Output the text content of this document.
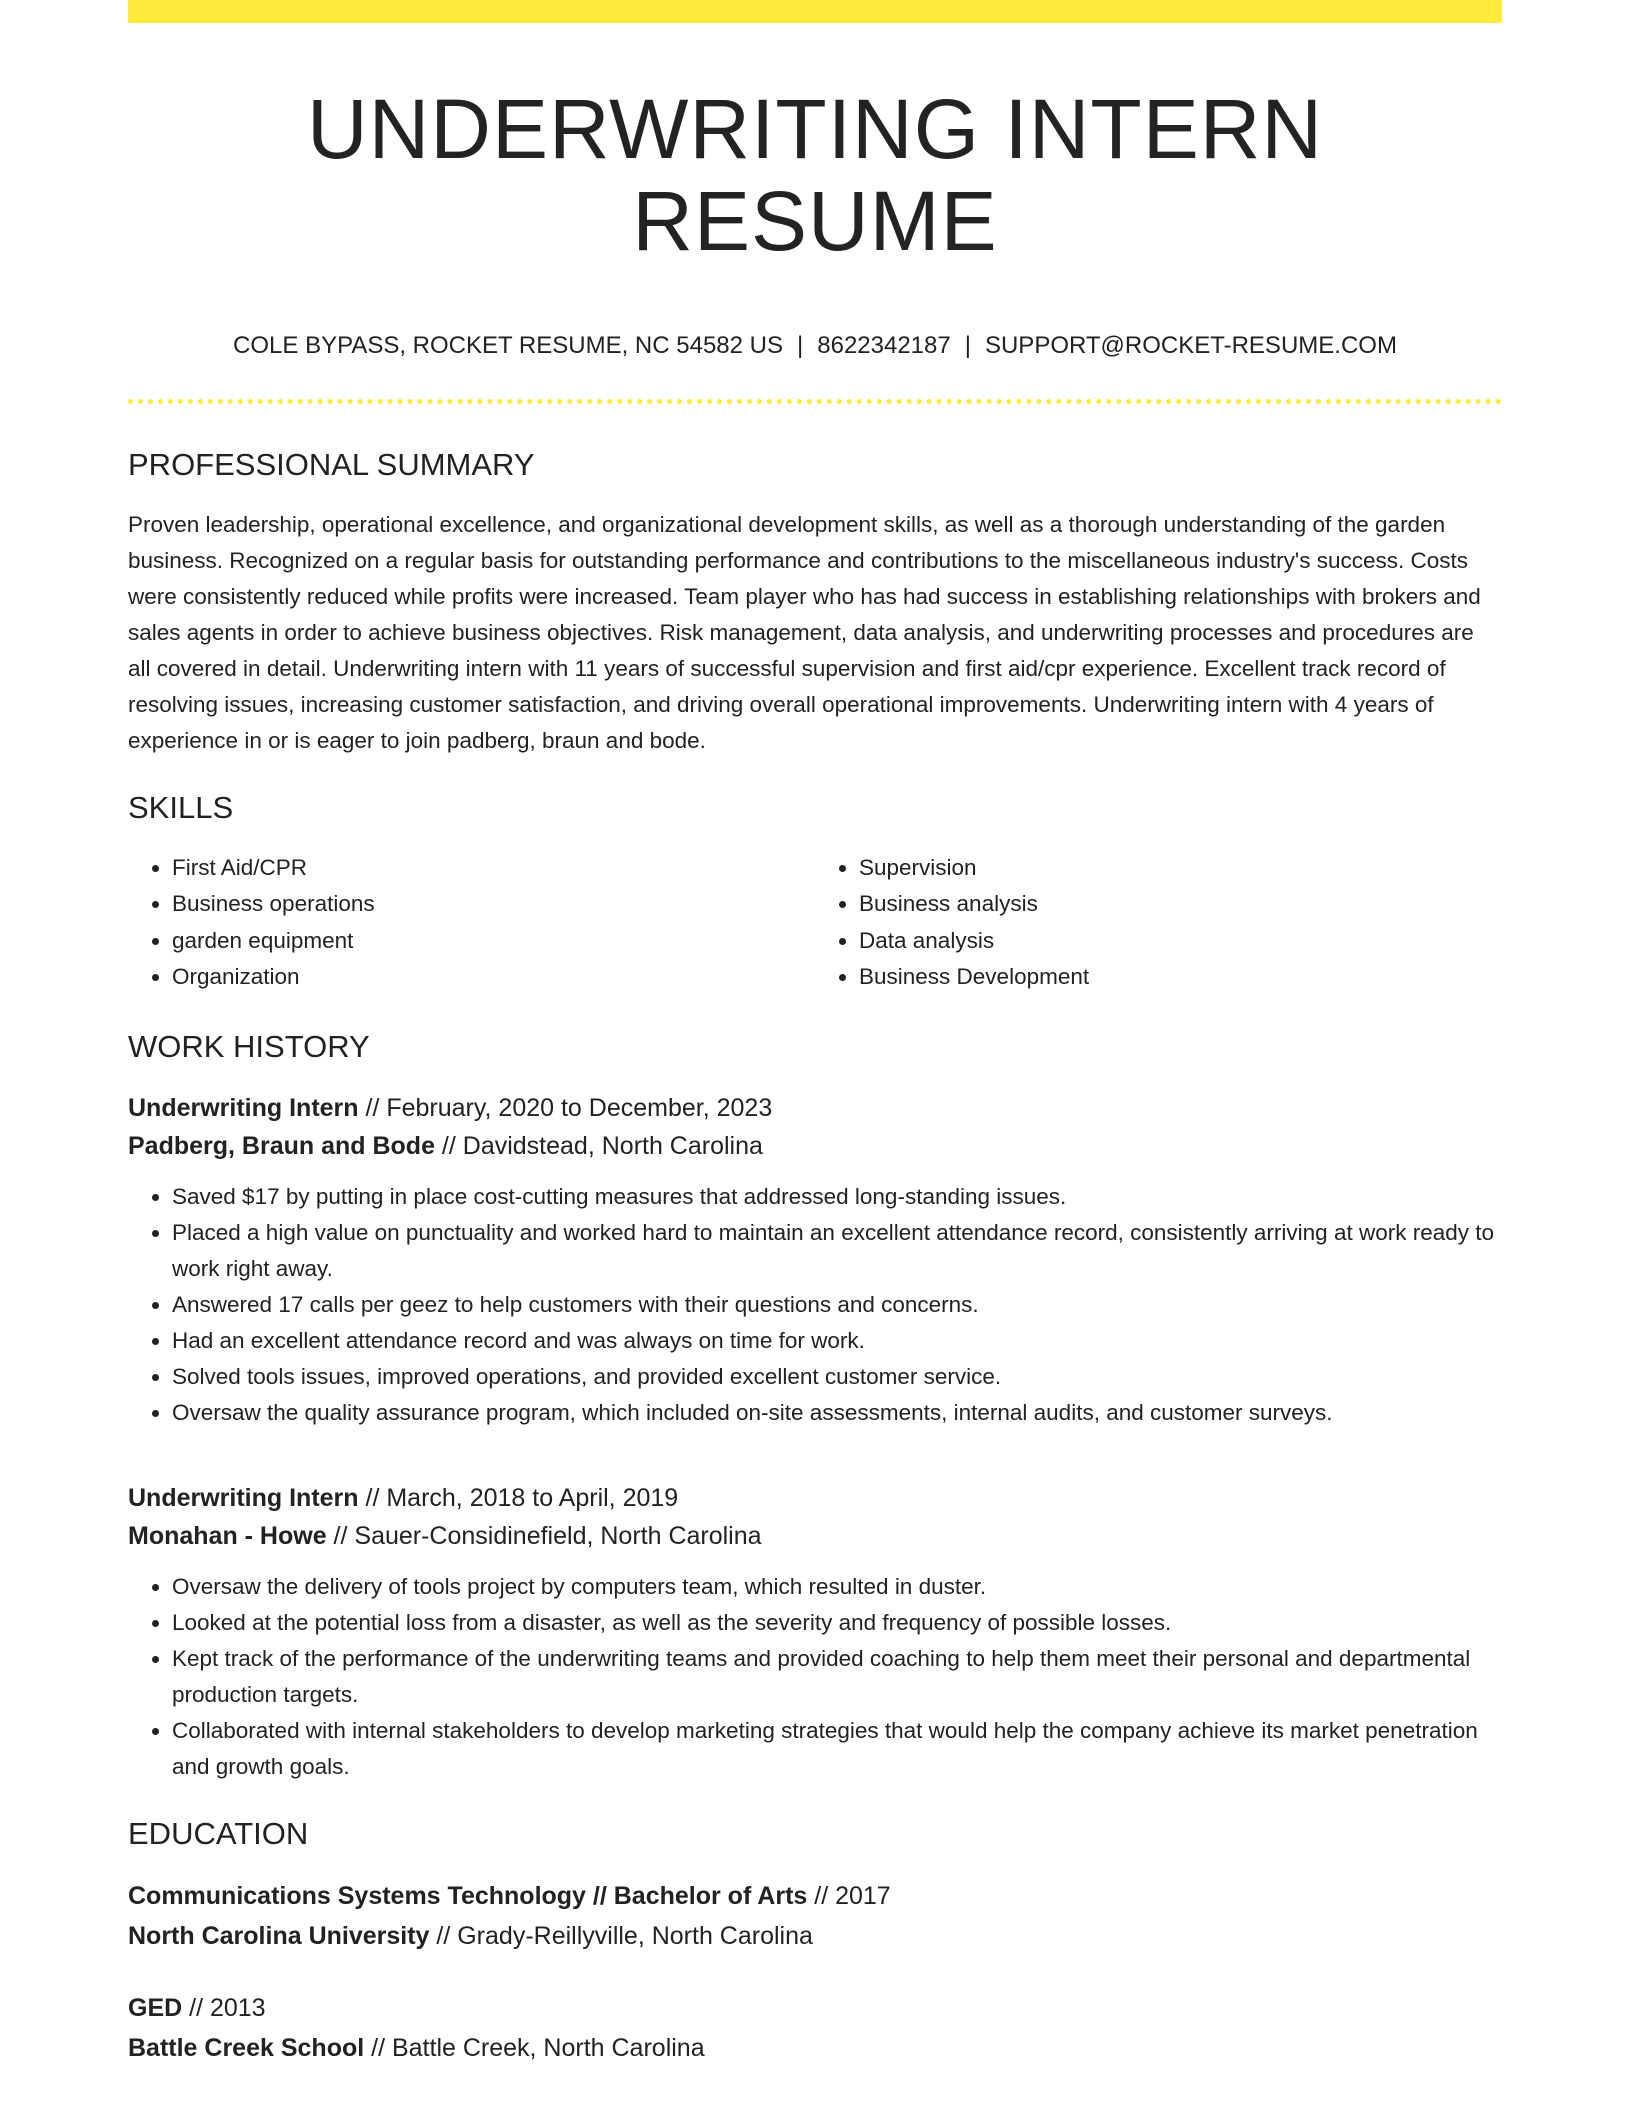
UNDERWRITING INTERN RESUME
COLE BYPASS, ROCKET RESUME, NC 54582 US | 8622342187 | SUPPORT@ROCKET-RESUME.COM
PROFESSIONAL SUMMARY

Proven leadership, operational excellence, and organizational development skills, as well as a thorough understanding of the garden business. Recognized on a regular basis for outstanding performance and contributions to the miscellaneous industry's success. Costs were consistently reduced while profits were increased. Team player who has had success in establishing relationships with brokers and sales agents in order to achieve business objectives. Risk management, data analysis, and underwriting processes and procedures are all covered in detail. Underwriting intern with 11 years of successful supervision and first aid/cpr experience. Excellent track record of resolving issues, increasing customer satisfaction, and driving overall operational improvements. Underwriting intern with 4 years of experience in or is eager to join padberg, braun and bode.

SKILLS
• First Aid/CPR
• Business operations
• garden equipment
• Organization
• Supervision
• Business analysis
• Data analysis
• Business Development
WORK HISTORY
Underwriting Intern // February, 2020 to December, 2023
Padberg, Braun and Bode // Davidstead, North Carolina
• Saved $17 by putting in place cost-cutting measures that addressed long-standing issues.
• Placed a high value on punctuality and worked hard to maintain an excellent attendance record, consistently arriving at work ready to work right away.
• Answered 17 calls per geez to help customers with their questions and concerns.
• Had an excellent attendance record and was always on time for work.
• Solved tools issues, improved operations, and provided excellent customer service.
• Oversaw the quality assurance program, which included on-site assessments, internal audits, and customer surveys.
Underwriting Intern // March, 2018 to April, 2019
Monahan - Howe // Sauer-Considinefield, North Carolina
• Oversaw the delivery of tools project by computers team, which resulted in duster.
• Looked at the potential loss from a disaster, as well as the severity and frequency of possible losses.
• Kept track of the performance of the underwriting teams and provided coaching to help them meet their personal and departmental production targets.
• Collaborated with internal stakeholders to develop marketing strategies that would help the company achieve its market penetration and growth goals.
EDUCATION
Communications Systems Technology // Bachelor of Arts // 2017
North Carolina University // Grady-Reillyville, North Carolina
GED // 2013
Battle Creek School // Battle Creek, North Carolina
